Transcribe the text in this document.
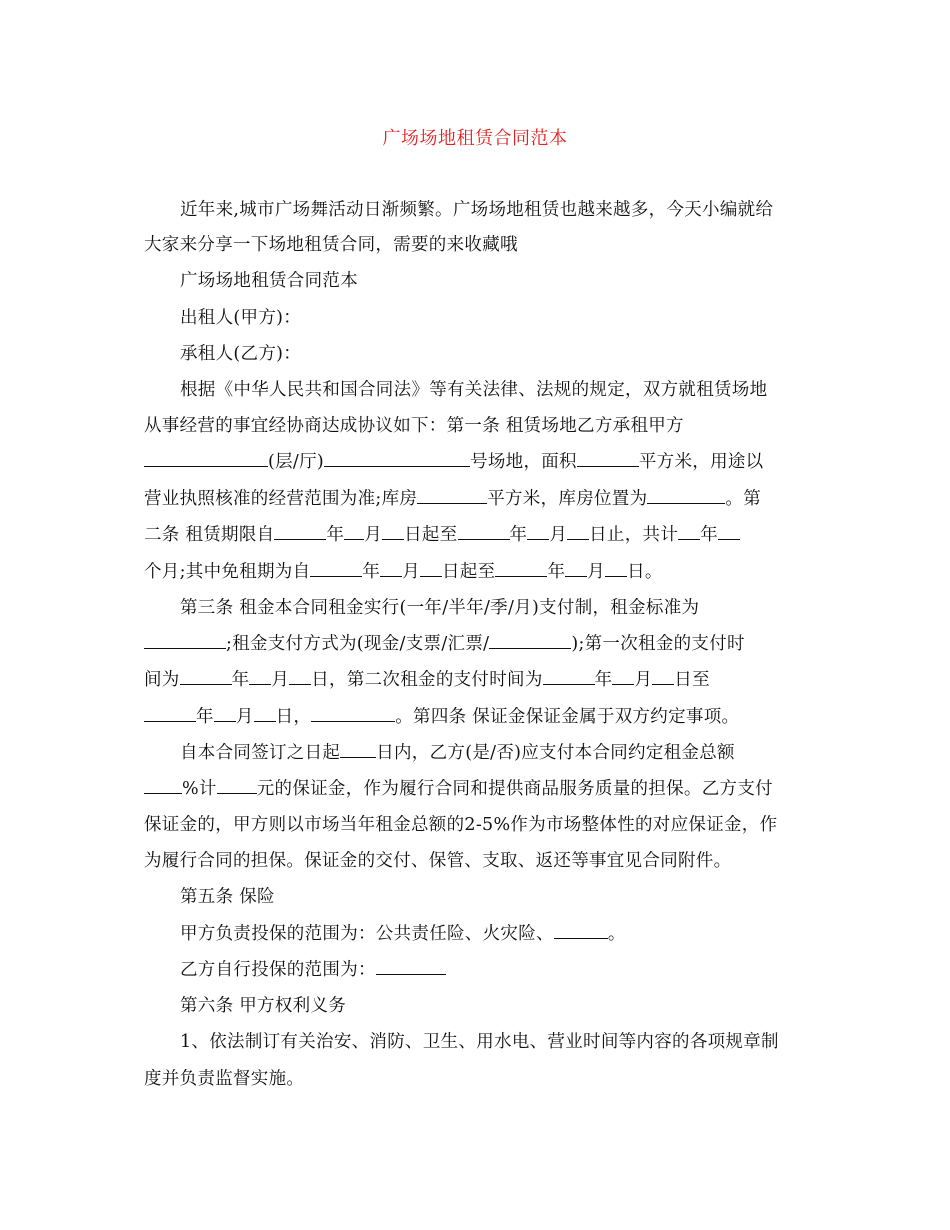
广场场地租赁合同范本
近年来,城市广场舞活动日渐频繁。广场场地租赁也越来越多，今天小编就给
大家来分享一下场地租赁合同，需要的来收藏哦
广场场地租赁合同范本
出租人(甲方)：
承租人(乙方)：
根据《中华人民共和国合同法》等有关法律、法规的规定，双方就租赁场地
从事经营的事宜经协商达成协议如下：第一条 租赁场地乙方承租甲方
(层/厅)	号场地，面积	平方米，用途以
营业执照核准的经营范围为准;库房	平方米，库房位置为	。第
二条 租赁期限自	年 月 日起至	年 月 日止，共计 年
个月;其中免租期为自	年 月 日起至	年 月 日。
第三条 租金本合同租金实行(一年/半年/季/月)支付制，租金标准为
;租金支付方式为(现金/支票/汇票/	);第一次租金的支付时
间为	年 月 日，第二次租金的支付时间为	年 月 日至
年 月 日，	。第四条 保证金保证金属于双方约定事项。
自本合同签订之日起 日内，乙方(是/否)应支付本合同约定租金总额
%计 元的保证金，作为履行合同和提供商品服务质量的担保。乙方支付
保证金的，甲方则以市场当年租金总额的2-5%作为市场整体性的对应保证金，作
为履行合同的担保。保证金的交付、保管、支取、返还等事宜见合同附件。
第五条 保险
甲方负责投保的范围为：公共责任险、火灾险、	。
乙方自行投保的范围为：
第六条 甲方权利义务
1、依法制订有关治安、消防、卫生、用水电、营业时间等内容的各项规章制
度并负责监督实施。
